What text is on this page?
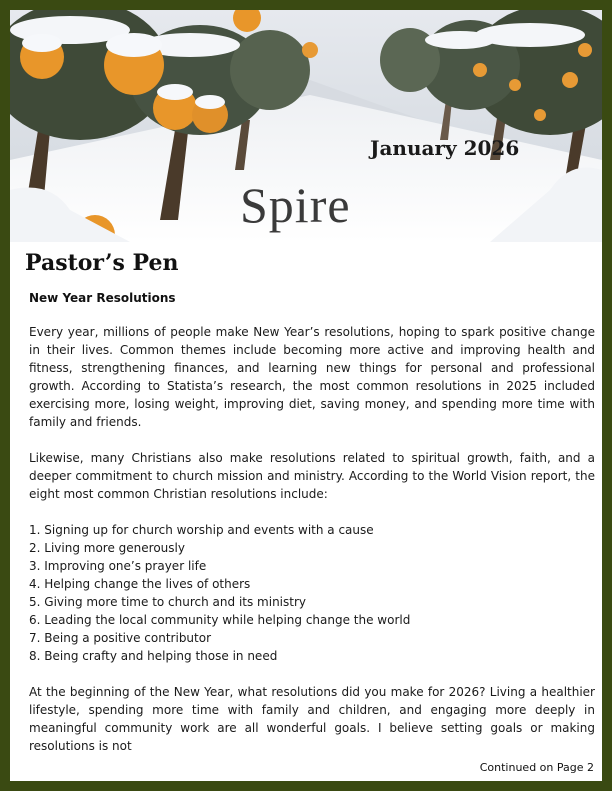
January 2026
Spire
Pastor’s Pen
New Year Resolutions

Every year, millions of people make New Year’s resolutions, hoping to spark positive change in their lives. Common themes include becoming more active and improving health and fitness, strengthening finances, and learning new things for personal and professional growth. According to Statista’s research, the most common resolutions in 2025 included exercising more, losing weight, improving diet, saving money, and spending more time with family and friends.

Likewise, many Christians also make resolutions related to spiritual growth, faith, and a deeper commitment to church mission and ministry. According to the World Vision report, the eight most common Christian resolutions include:

1. Signing up for church worship and events with a cause
2. Living more generously
3. Improving one’s prayer life
4. Helping change the lives of others
5. Giving more time to church and its ministry
6. Leading the local community while helping change the world
7. Being a positive contributor
8. Being crafty and helping those in need

At the beginning of the New Year, what resolutions did you make for 2026? Living a healthier lifestyle, spending more time with family and children, and engaging more deeply in meaningful community work are all wonderful goals. I believe setting goals or making resolutions is not

Continued on Page 2
